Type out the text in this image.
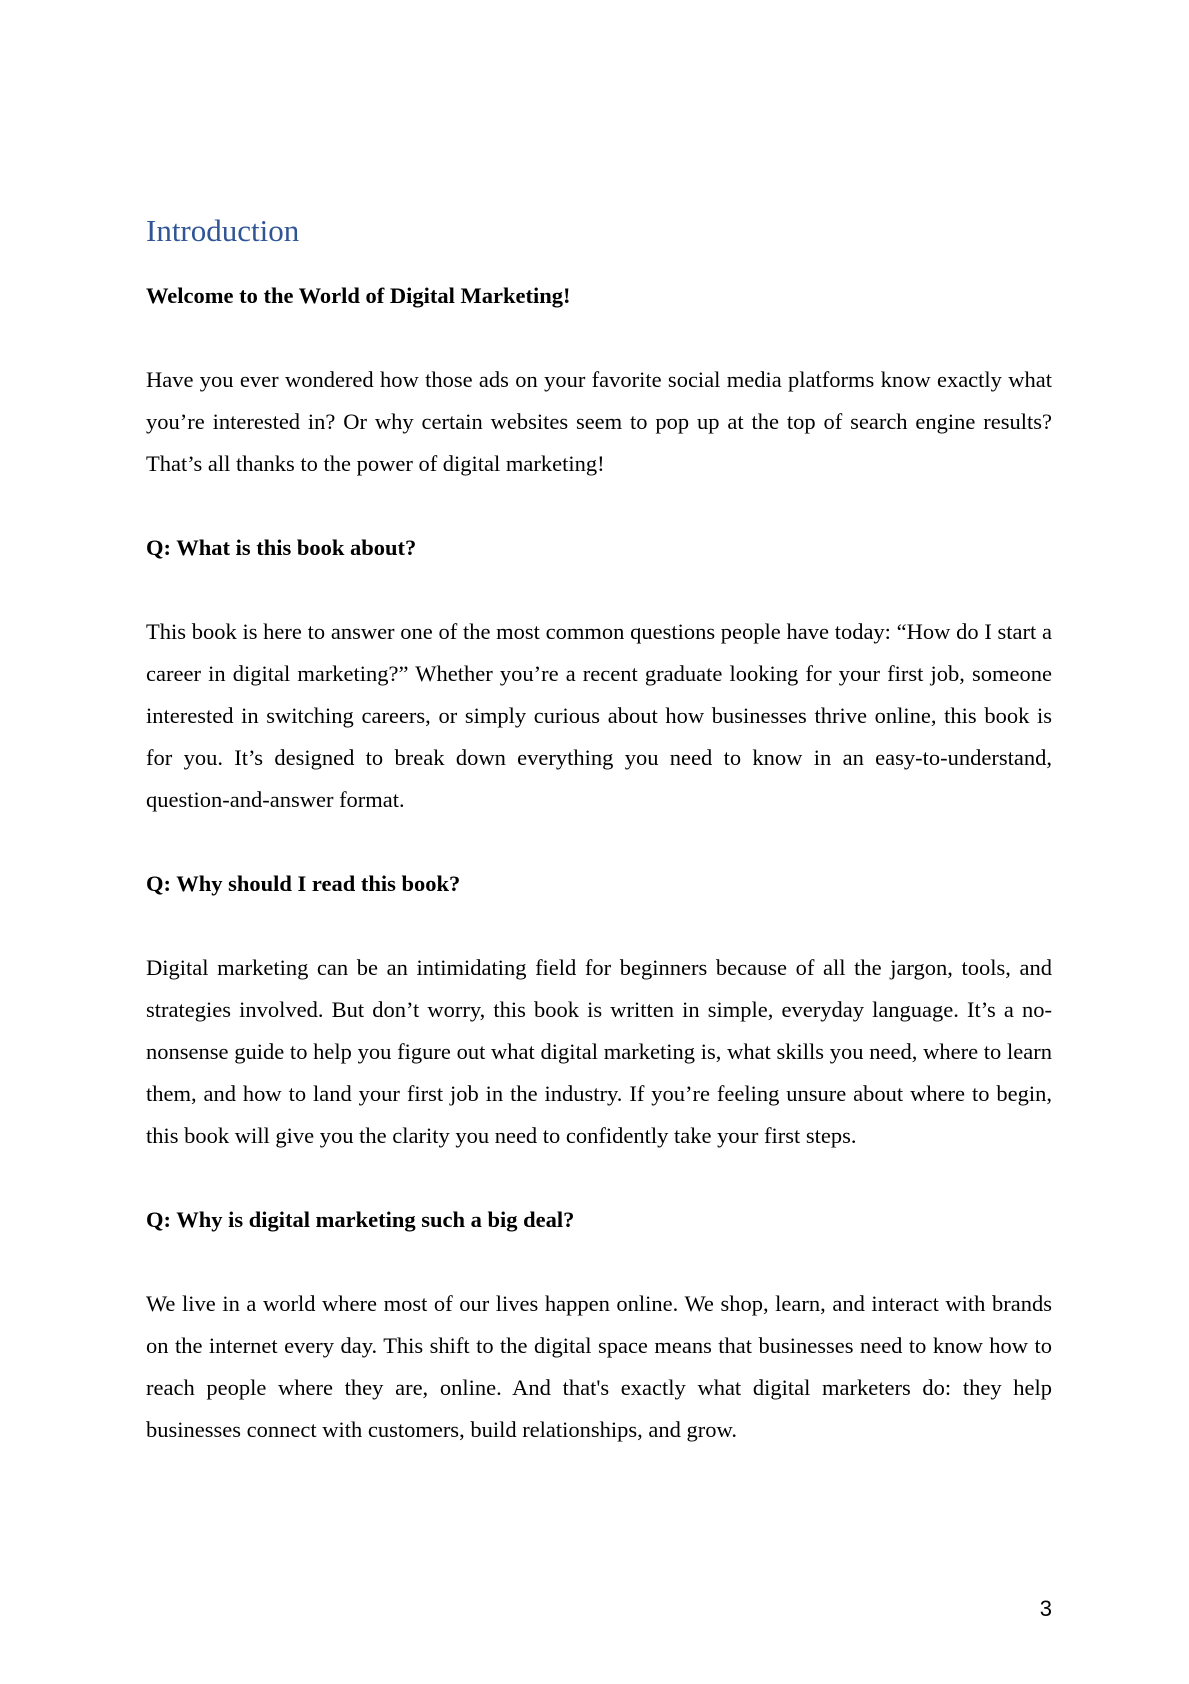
Introduction

Welcome to the World of Digital Marketing!

Have you ever wondered how those ads on your favorite social media platforms know exactly what you’re interested in? Or why certain websites seem to pop up at the top of search engine results? That’s all thanks to the power of digital marketing!

Q: What is this book about?

This book is here to answer one of the most common questions people have today: “How do I start a career in digital marketing?” Whether you’re a recent graduate looking for your first job, someone interested in switching careers, or simply curious about how businesses thrive online, this book is for you. It’s designed to break down everything you need to know in an easy-to-understand, question-and-answer format.

Q: Why should I read this book?

Digital marketing can be an intimidating field for beginners because of all the jargon, tools, and strategies involved. But don’t worry, this book is written in simple, everyday language. It’s a no-nonsense guide to help you figure out what digital marketing is, what skills you need, where to learn them, and how to land your first job in the industry. If you’re feeling unsure about where to begin, this book will give you the clarity you need to confidently take your first steps.

Q: Why is digital marketing such a big deal?

We live in a world where most of our lives happen online. We shop, learn, and interact with brands on the internet every day. This shift to the digital space means that businesses need to know how to reach people where they are, online. And that's exactly what digital marketers do: they help businesses connect with customers, build relationships, and grow.

3
